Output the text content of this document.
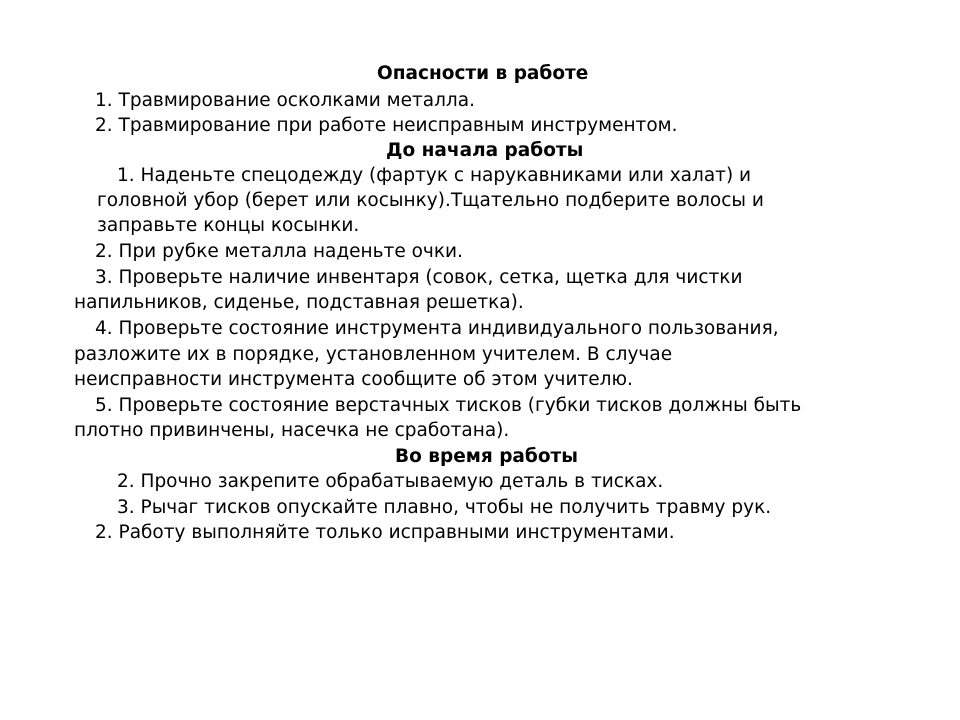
Опасности в работе
1. Травмирование осколками металла.
2. Травмирование при работе неисправным инструментом.
До начала работы
1. Наденьте спецодежду (фартук с нарукавниками или халат) и
головной убор (берет или косынку).Тщательно подберите волосы и
заправьте концы косынки.
2. При рубке металла наденьте очки.
3. Проверьте наличие инвентаря (совок, сетка, щетка для чистки
напильников, сиденье, подставная решетка).
4. Проверьте состояние инструмента индивидуального пользования,
разложите их в порядке, установленном учителем. В случае
неисправности инструмента сообщите об этом учителю.
5. Проверьте состояние верстачных тисков (губки тисков должны быть
плотно привинчены, насечка не сработана).
Во время работы
2. Прочно закрепите обрабатываемую деталь в тисках.
3. Рычаг тисков опускайте плавно, чтобы не получить травму рук.
2. Работу выполняйте только исправными инструментами.
